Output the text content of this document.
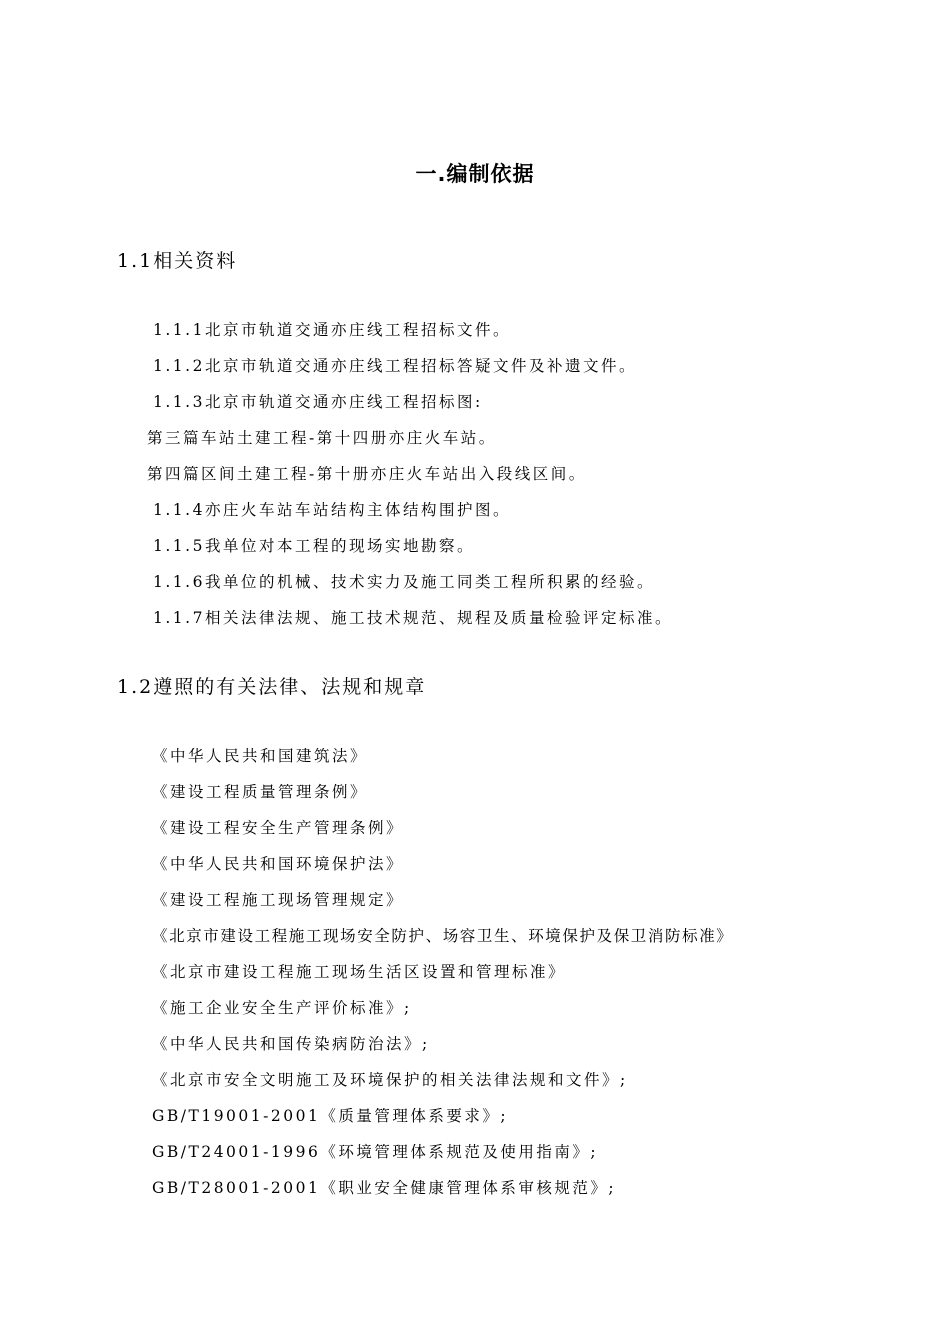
一.编制依据
1.1相关资料
1.1.1北京市轨道交通亦庄线工程招标文件。
1.1.2北京市轨道交通亦庄线工程招标答疑文件及补遗文件。
1.1.3北京市轨道交通亦庄线工程招标图:
第三篇车站土建工程-第十四册亦庄火车站。
第四篇区间土建工程-第十册亦庄火车站出入段线区间。
1.1.4亦庄火车站车站结构主体结构围护图。
1.1.5我单位对本工程的现场实地勘察。
1.1.6我单位的机械、技术实力及施工同类工程所积累的经验。
1.1.7相关法律法规、施工技术规范、规程及质量检验评定标准。
1.2遵照的有关法律、法规和规章
《中华人民共和国建筑法》
《建设工程质量管理条例》
《建设工程安全生产管理条例》
《中华人民共和国环境保护法》
《建设工程施工现场管理规定》
《北京市建设工程施工现场安全防护、场容卫生、环境保护及保卫消防标准》
《北京市建设工程施工现场生活区设置和管理标准》
《施工企业安全生产评价标准》;
《中华人民共和国传染病防治法》;
《北京市安全文明施工及环境保护的相关法律法规和文件》;
GB/T19001-2001《质量管理体系要求》;
GB/T24001-1996《环境管理体系规范及使用指南》;
GB/T28001-2001《职业安全健康管理体系审核规范》;
